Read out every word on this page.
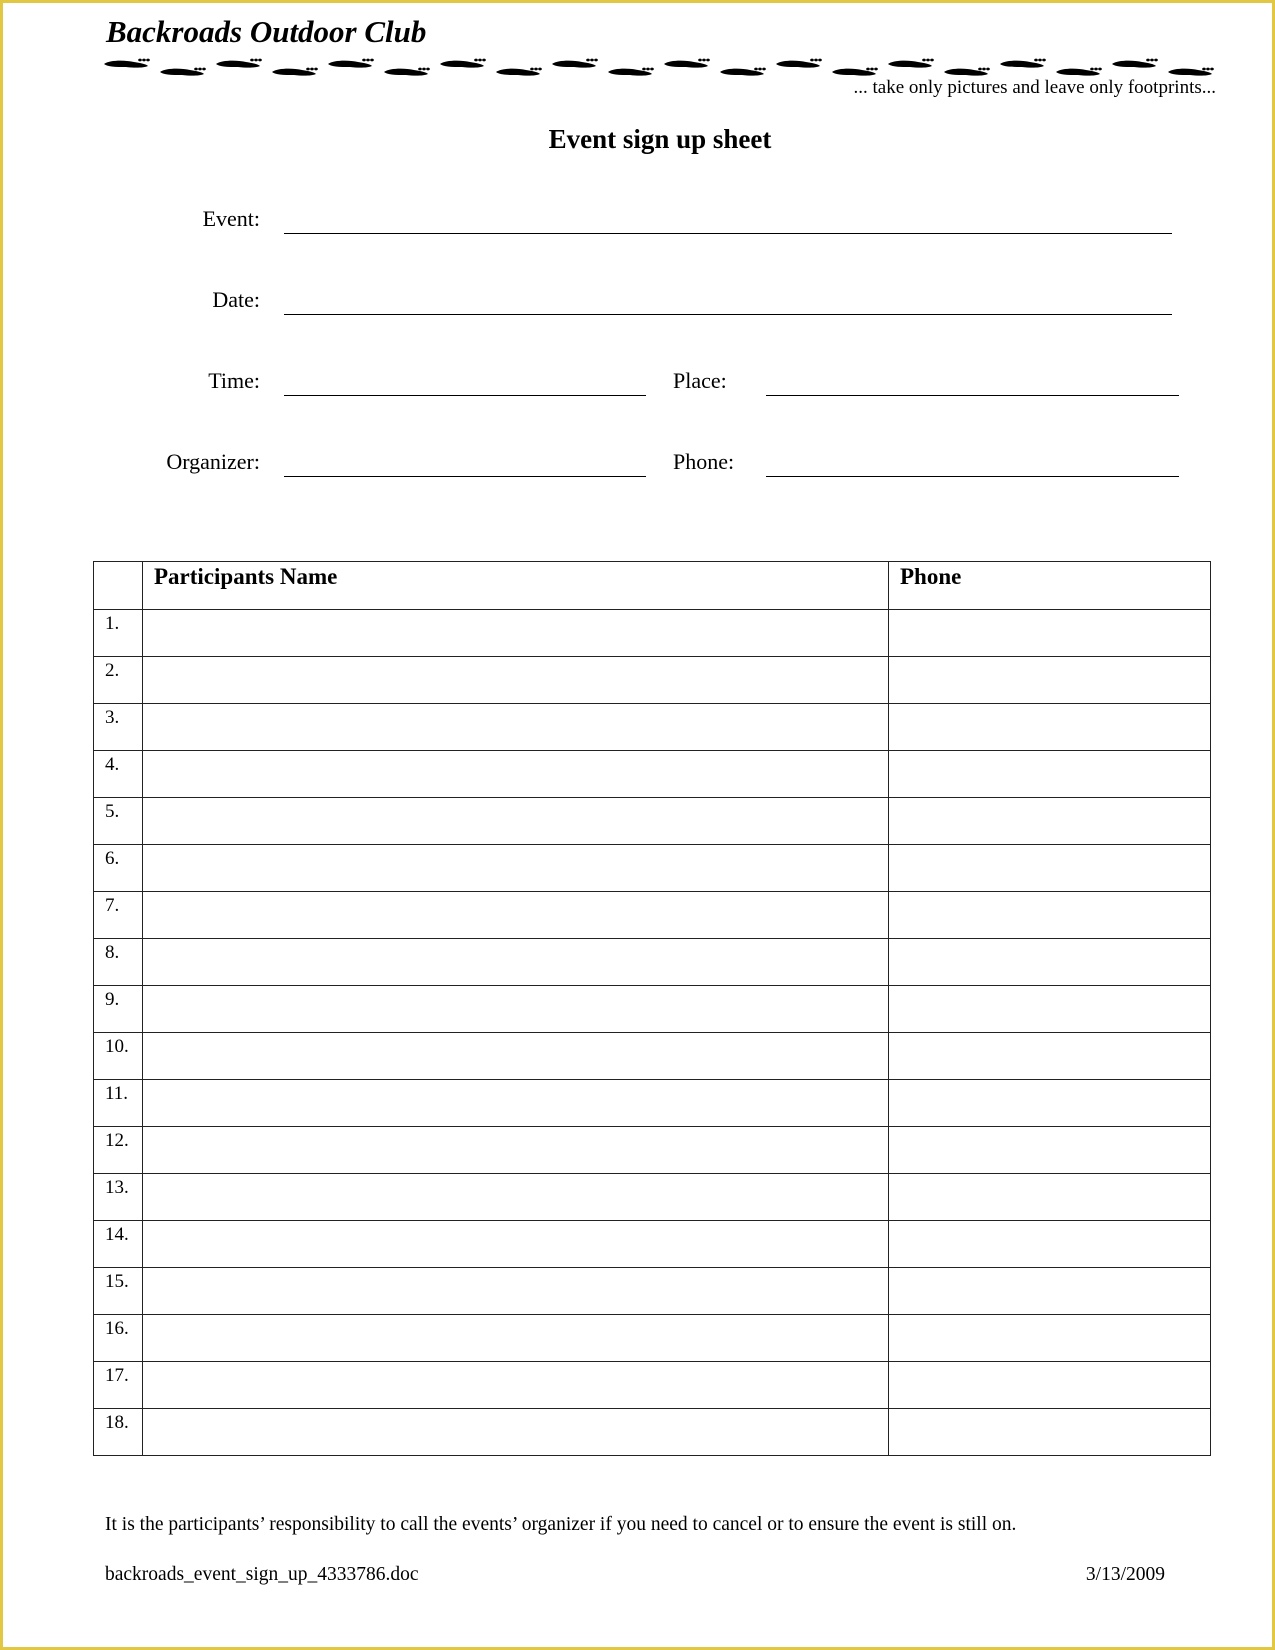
Backroads Outdoor Club
... take only pictures and leave only footprints...
Event sign up sheet
Event:
Date:
Time:	Place:
Organizer:	Phone:
	Participants Name	Phone
1.		
2.		
3.		
4.		
5.		
6.		
7.		
8.		
9.		
10.		
11.		
12.		
13.		
14.		
15.		
16.		
17.		
18.		
It is the participants’ responsibility to call the events’ organizer if you need to cancel or to ensure the event is still on.
backroads_event_sign_up_4333786.doc	3/13/2009
